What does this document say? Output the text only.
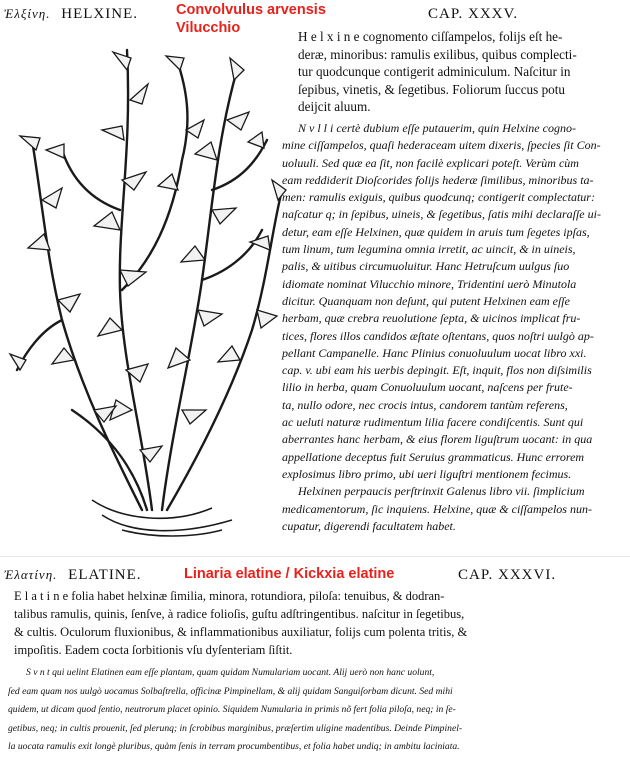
Ἐλξίνη. HELXINE.	Convolvulus arvensis
Vilucchio
CAP. XXXV.
H e l x i n e cognomento ciſſampelos, folijs eſt he-
deræ, minoribus: ramulis exilibus, quibus complecti-
tur quodcunque contigerit adminiculum. Naſcitur in
ſepibus, vinetis, & ſegetibus. Foliorum ſuccus potu
deijcit aluum.
N v l l i certè dubium eſſe putauerim, quin Helxine cogno-
mine ciſſampelos, quaſi hederaceam uitem dixeris, ſpecies ſit Con-
uoluuli. Sed quæ ea ſit, non facilè explicari poteſt. Verùm cùm
eam reddiderit Dioſcorides folijs hederæ ſimilibus, minoribus ta-
men: ramulis exiguis, quibus quodcunq; contigerit complectatur:
naſcatur q; in ſepibus, uineis, & ſegetibus, ſatis mihi declaraſſe ui-
detur, eam eſſe Helxinen, quæ quidem in aruis tum ſegetes ipſas,
tum linum, tum legumina omnia irretit, ac uincit, & in uineis,
palis, & uitibus circumuoluitur. Hanc Hetruſcum uulgus ſuo
idiomate nominat Vilucchio minore, Tridentini uerò Minutola
dicitur. Quanquam non deſunt, qui putent Helxinen eam eſſe
herbam, quæ crebra reuolutione ſepta, & uicinos implicat fru-
tices, flores illos candidos æſtate oſtentans, quos noſtri uulgò ap-
pellant Campanelle. Hanc Plinius conuoluulum uocat libro xxi.
cap. v. ubi eam his uerbis depingit. Eſt, inquit, flos non diſsimilis
lilio in herba, quam Conuoluulum uocant, naſcens per frute-
ta, nullo odore, nec crocis intus, candorem tantùm referens,
ac ueluti naturæ rudimentum lilia facere condiſcentis. Sunt qui
aberrantes hanc herbam, & eius florem liguſtrum uocant: in qua
appellatione deceptus fuit Seruius grammaticus. Hunc errorem
explosimus libro primo, ubi ueri liguſtri mentionem fecimus.
Helxinen perpaucis perſtrinxit Galenus libro vii. ſimplicium
medicamentorum, ſic inquiens. Helxine, quæ & ciſſampelos nun-
cupatur, digerendi facultatem habet.
Ἐλατίνη. ELATINE.	Linaria elatine / Kickxia elatine	CAP. XXXVI.
E l a t i n e folia habet helxinæ ſimilia, minora, rotundiora, piloſa: tenuibus, & dodran-
talibus ramulis, quinis, ſenſve, à radice folioſis, guſtu adſtringentibus. naſcitur in ſegetibus,
& cultis. Oculorum fluxionibus, & inflammationibus auxiliatur, folijs cum polenta tritis, &
impoſitis. Eadem cocta ſorbitionis vſu dyſenteriam ſiſtit.
S v n t qui uelint Elatinen eam eſſe plantam, quam quidam Numulariam uocant. Alij uerò non hanc uolunt,
ſed eam quam nos uulgò uocamus Solbaſtrella, officinæ Pimpinellam, & alij quidam Sanguiſorbam dicunt. Sed mihi
quidem, ut dicam quod ſentio, neutrorum placet opinio. Siquidem Numularia in primis nõ fert folia piloſa, neq; in ſe-
getibus, neq; in cultis prouenit, ſed plerunq; in ſcrobibus marginibus, præſertim uligine madentibus. Deinde Pimpinel-
la uocata ramulis exit longè pluribus, quàm ſenis in terram procumbentibus, et folia habet undiq; in ambitu laciniata.
